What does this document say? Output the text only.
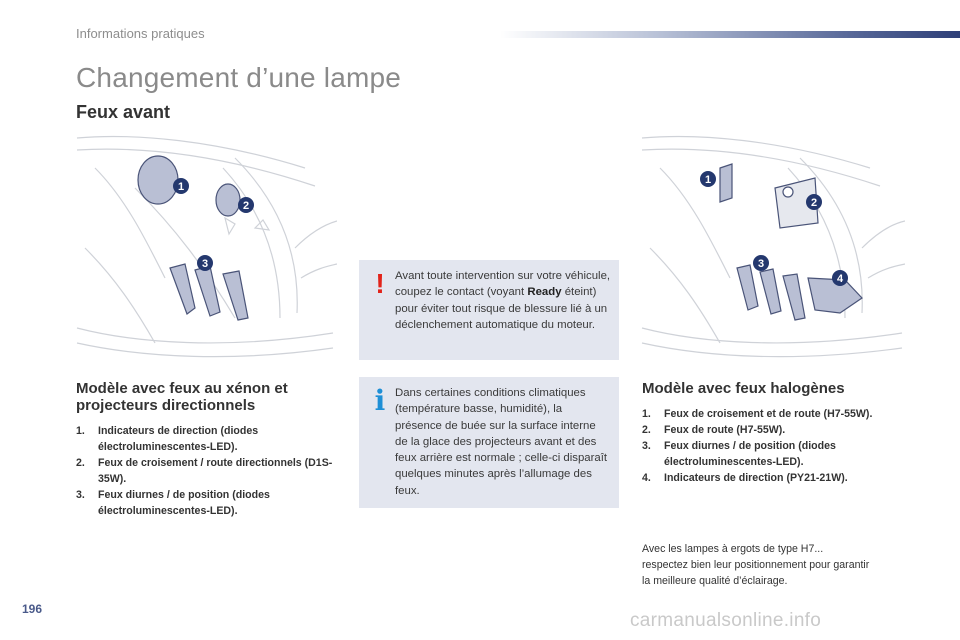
Informations pratiques
Changement d’une lampe
Feux avant
1
2
3
1
2
3
4
! Avant toute intervention sur votre véhicule, coupez le contact (voyant Ready éteint) pour éviter tout risque de blessure lié à un déclenchement automatique du moteur.
i Dans certaines conditions climatiques (température basse, humidité), la présence de buée sur la surface interne de la glace des projecteurs avant et des feux arrière est normale ; celle-ci disparaît quelques minutes après l’allumage des feux.
Modèle avec feux au xénon et projecteurs directionnels
1. Indicateurs de direction (diodes électroluminescentes-LED).
2. Feux de croisement / route directionnels (D1S-35W).
3. Feux diurnes / de position (diodes électroluminescentes-LED).
Modèle avec feux halogènes
1. Feux de croisement et de route (H7-55W).
2. Feux de route (H7-55W).
3. Feux diurnes / de position (diodes électroluminescentes-LED).
4. Indicateurs de direction (PY21-21W).
Avec les lampes à ergots de type H7... respectez bien leur positionnement pour garantir la meilleure qualité d’éclairage.
196
carmanualsonline.info
